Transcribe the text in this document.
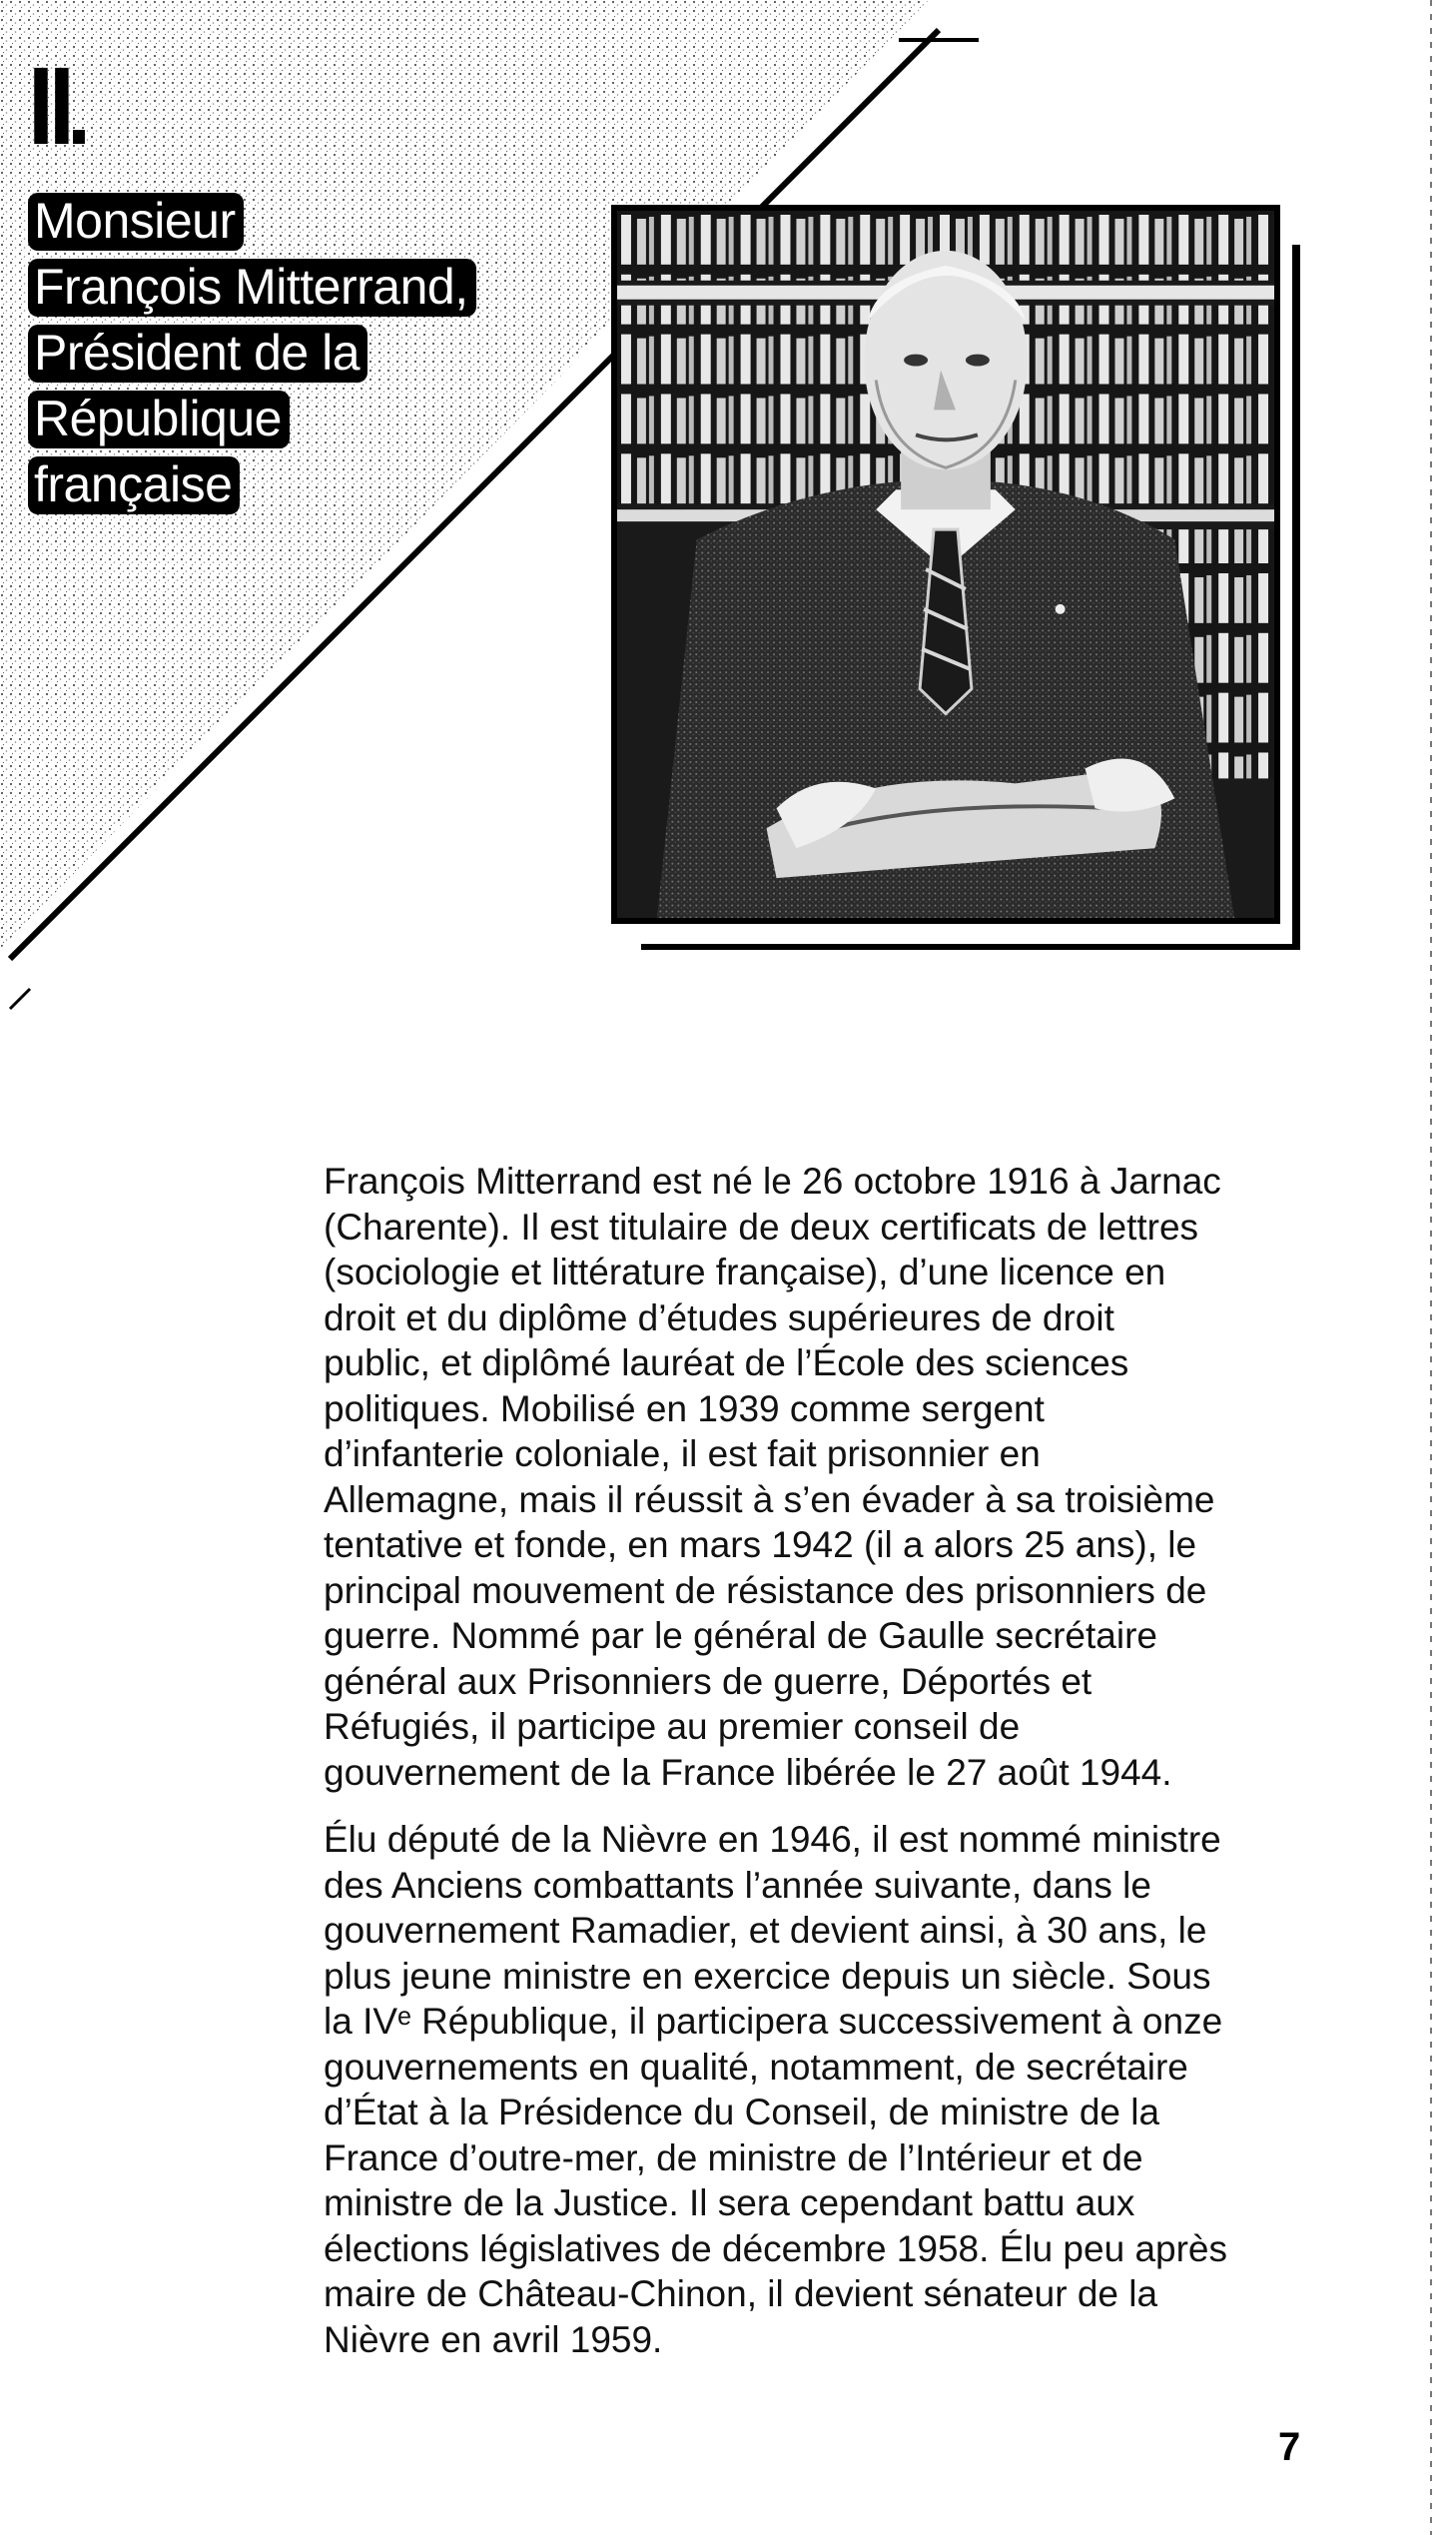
II
Monsieur
François Mitterrand,
Président de la
République
française

François Mitterrand est né le 26 octobre 1916 à Jarnac
(Charente). Il est titulaire de deux certificats de lettres
(sociologie et littérature française), d’une licence en
droit et du diplôme d’études supérieures de droit
public, et diplômé lauréat de l’École des sciences
politiques. Mobilisé en 1939 comme sergent
d’infanterie coloniale, il est fait prisonnier en
Allemagne, mais il réussit à s’en évader à sa troisième
tentative et fonde, en mars 1942 (il a alors 25 ans), le
principal mouvement de résistance des prisonniers de
guerre. Nommé par le général de Gaulle secrétaire
général aux Prisonniers de guerre, Déportés et
Réfugiés, il participe au premier conseil de
gouvernement de la France libérée le 27 août 1944.

Élu député de la Nièvre en 1946, il est nommé ministre
des Anciens combattants l’année suivante, dans le
gouvernement Ramadier, et devient ainsi, à 30 ans, le
plus jeune ministre en exercice depuis un siècle. Sous
la IVᵉ République, il participera successivement à onze
gouvernements en qualité, notamment, de secrétaire
d’État à la Présidence du Conseil, de ministre de la
France d’outre-mer, de ministre de l’Intérieur et de
ministre de la Justice. Il sera cependant battu aux
élections législatives de décembre 1958. Élu peu après
maire de Château-Chinon, il devient sénateur de la
Nièvre en avril 1959.

7
